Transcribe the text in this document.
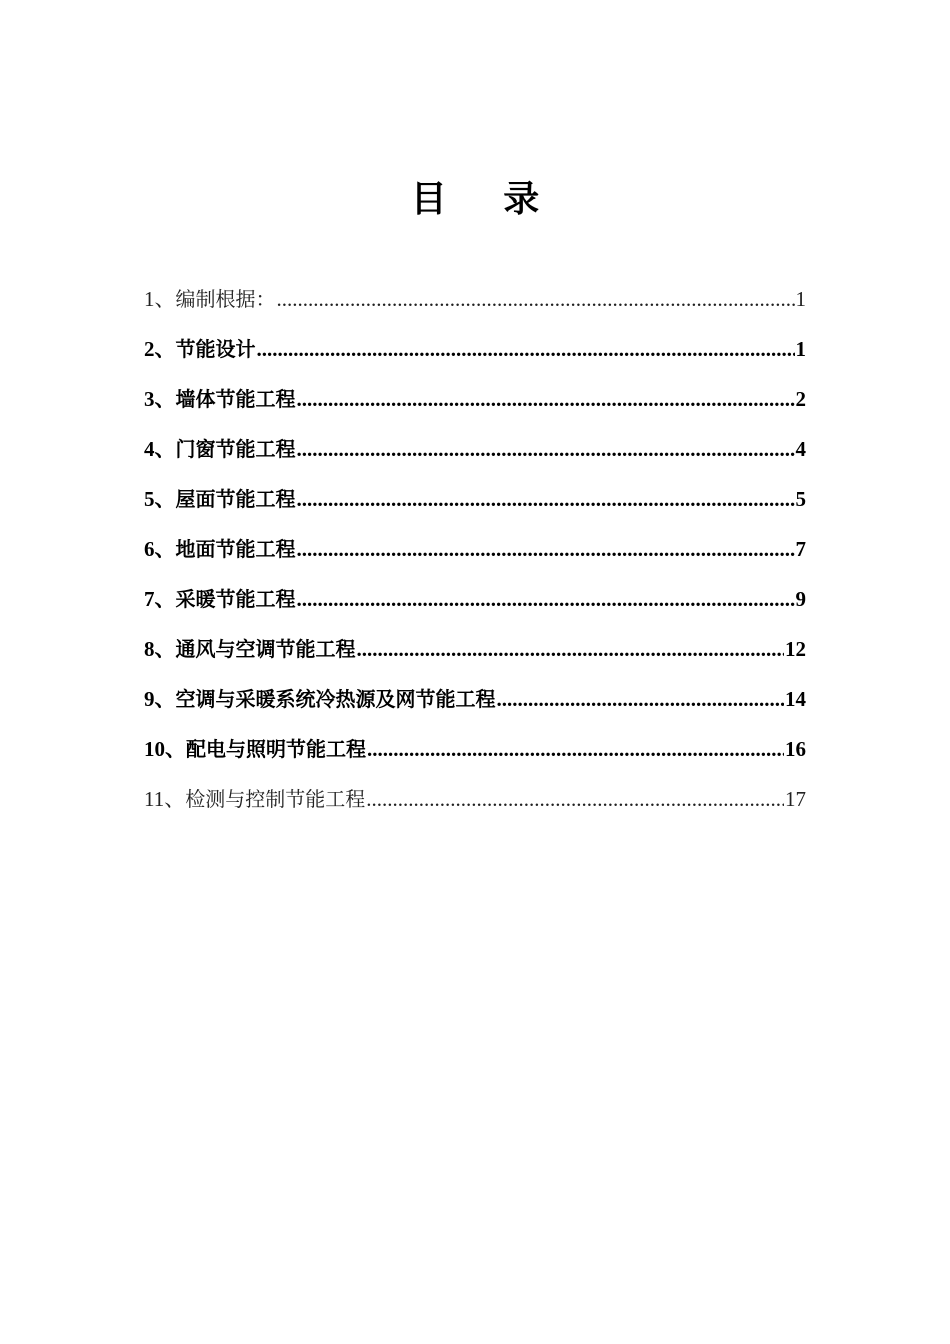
目 录
1、 编制根据： .....	1
2、 节能设计 .....	1
3、 墙体节能工程 .....	2
4、 门窗节能工程 .....	4
5、 屋面节能工程 .....	5
6、 地面节能工程 .....	7
7、 采暖节能工程 .....	9
8、 通风与空调节能工程 .....	12
9、 空调与采暖系统冷热源及网节能工程 .....	14
10、 配电与照明节能工程 .....	16
11、 检测与控制节能工程 .....	17
